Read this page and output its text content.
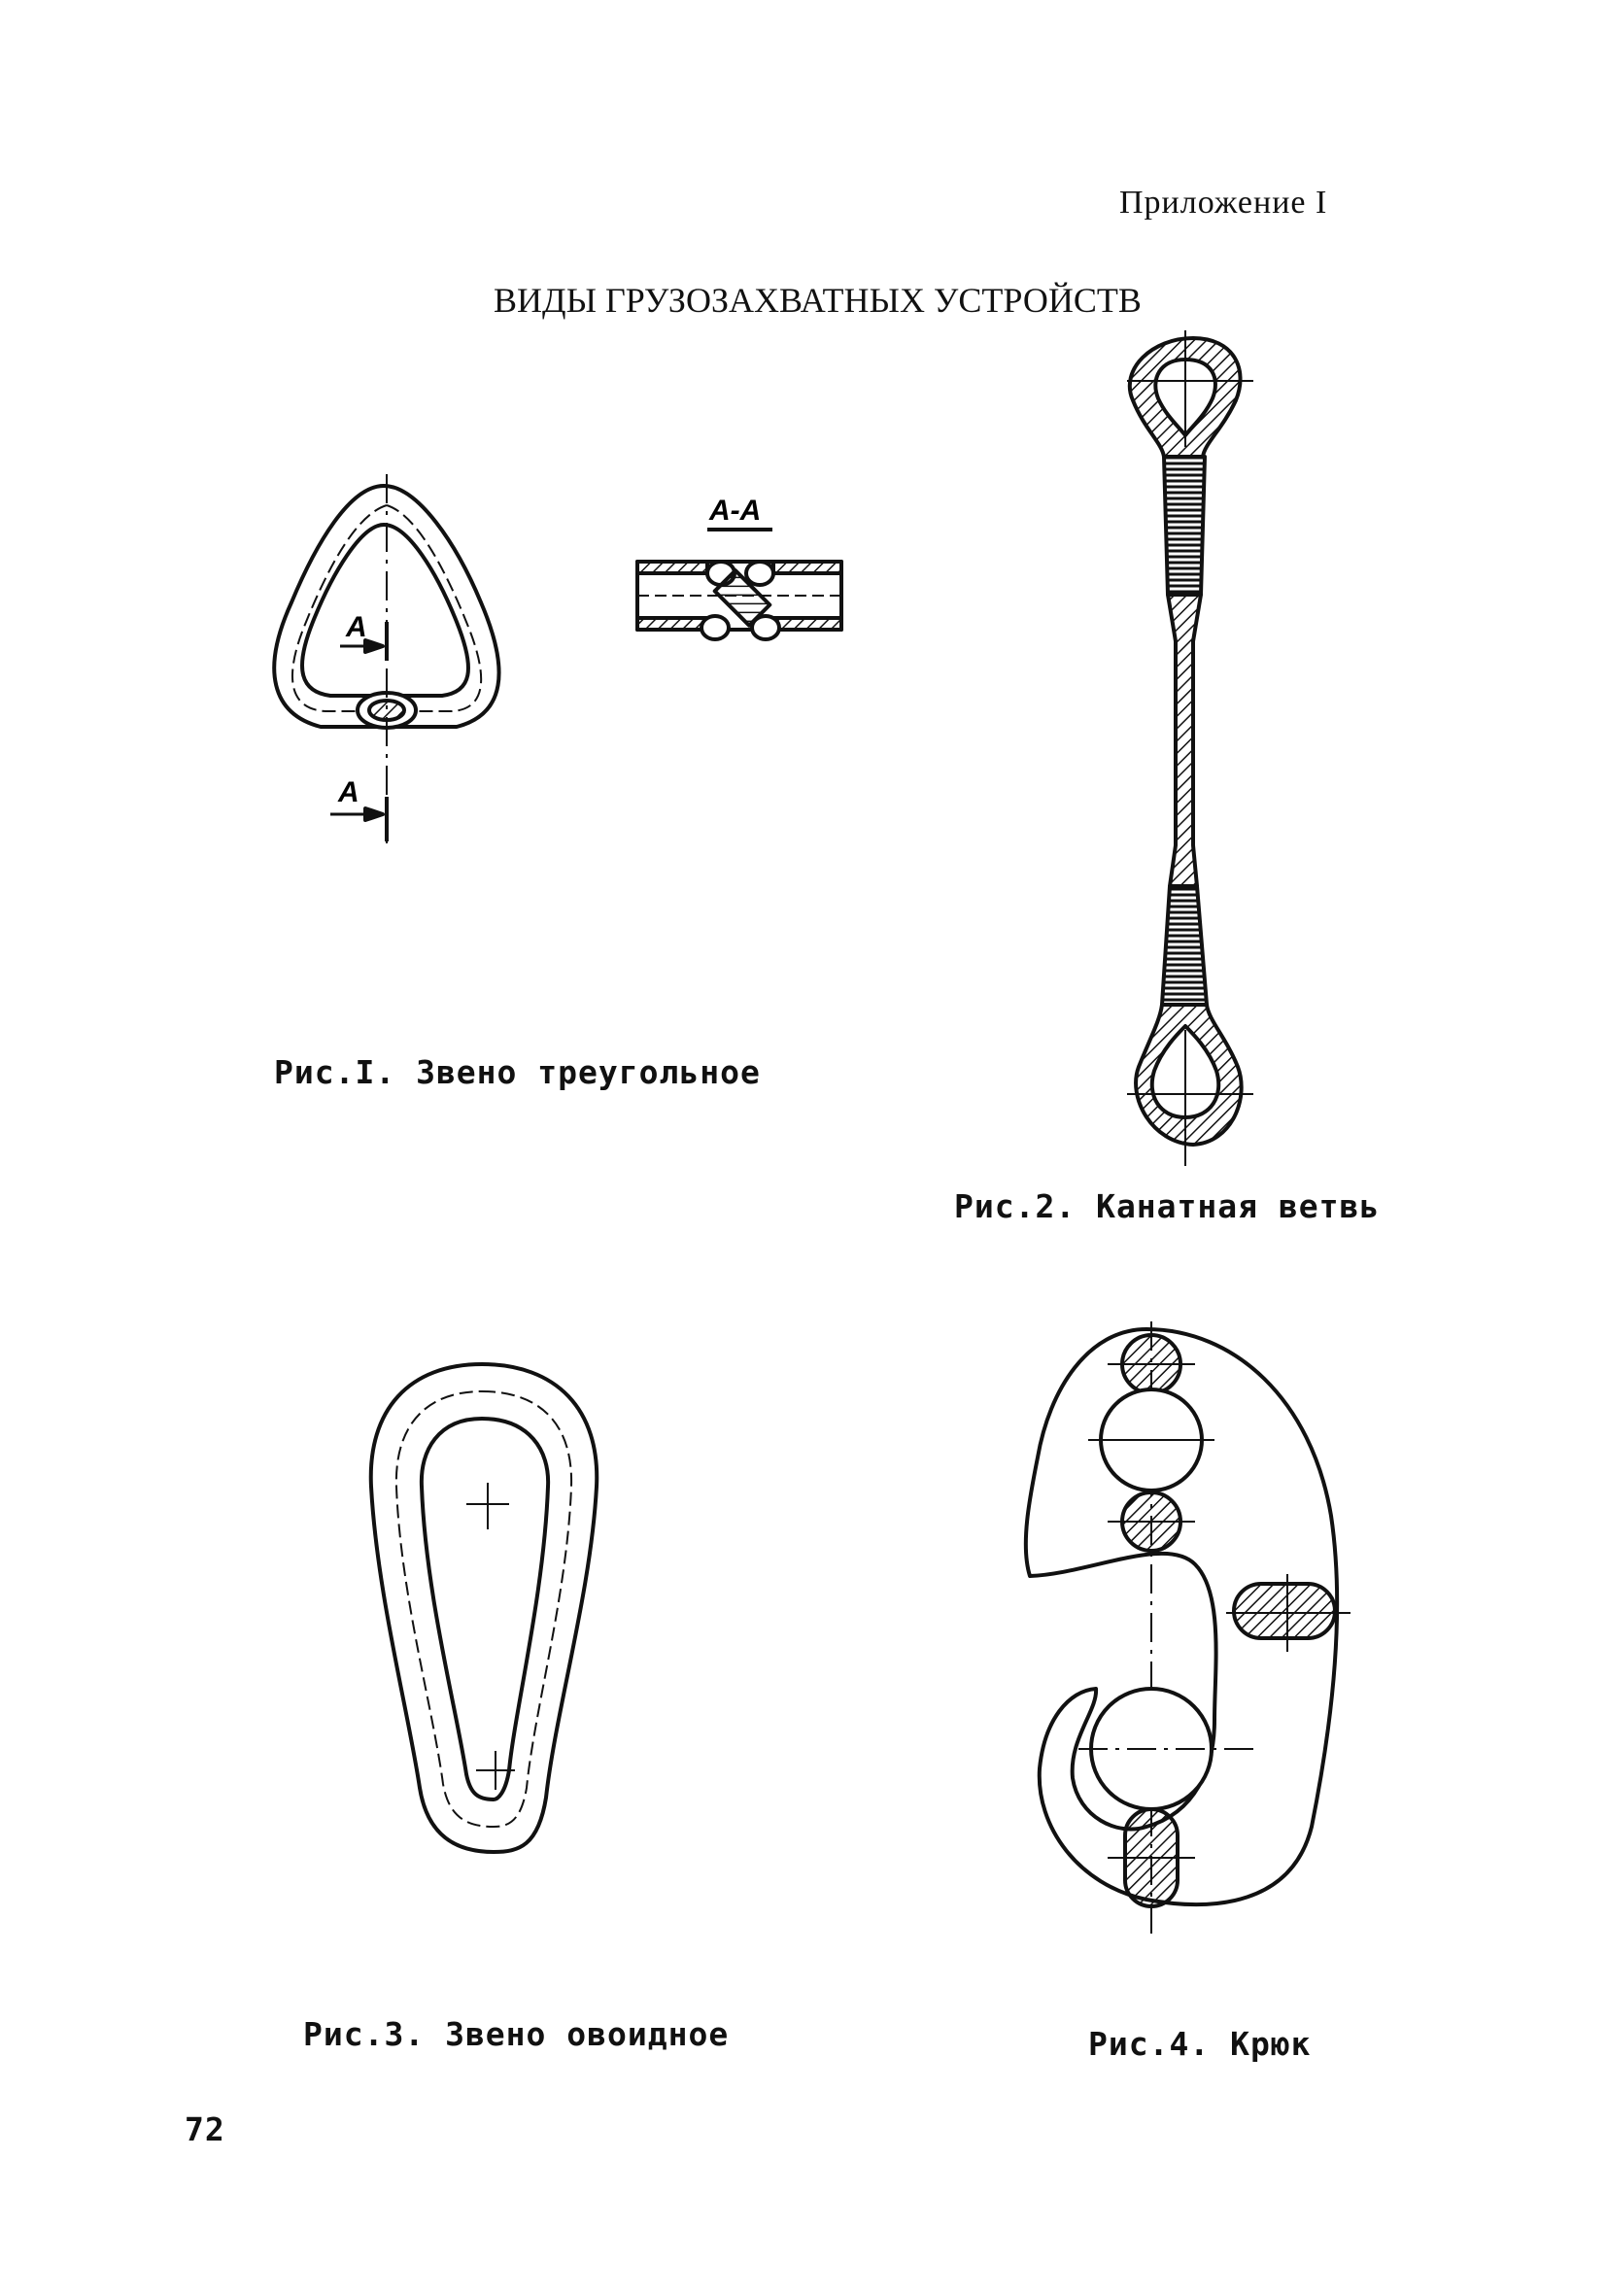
Приложение I
ВИДЫ ГРУЗОЗАХВАТНЫХ УСТРОЙСТВ
А-А
А
А
Рис.I. Звено треугольное
Рис.2. Канатная ветвь
Рис.3. Звено овоидное	Рис.4. Крюк
72
